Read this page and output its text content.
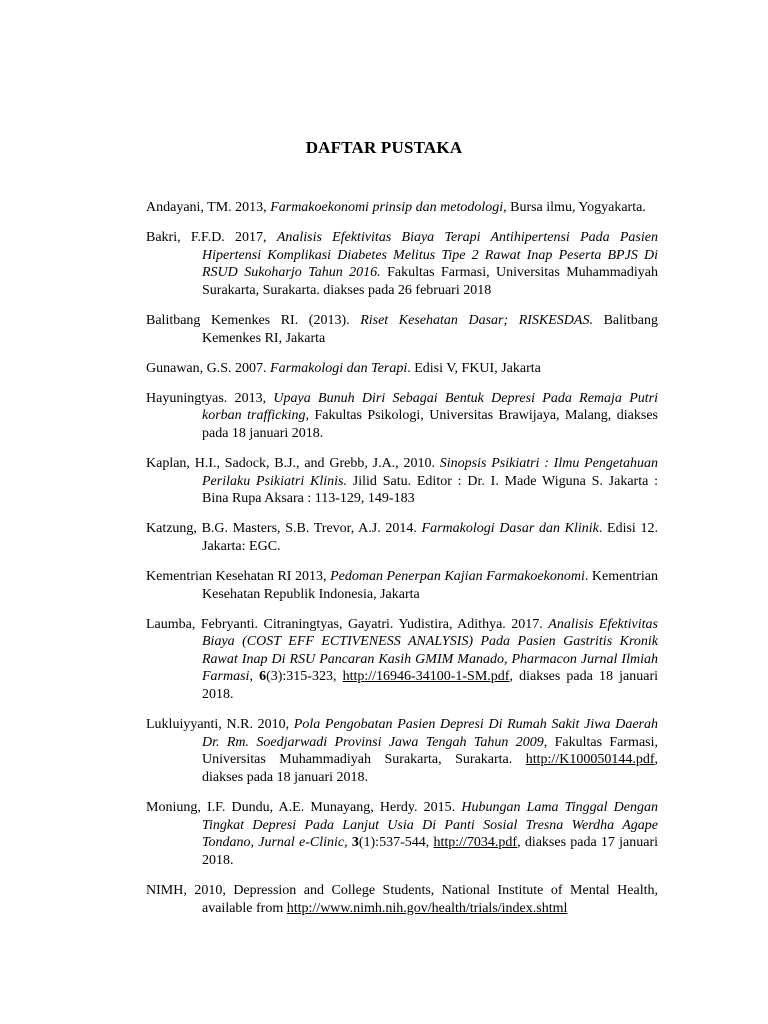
DAFTAR PUSTAKA

Andayani, TM. 2013, Farmakoekonomi prinsip dan metodologi, Bursa ilmu, Yogyakarta.

Bakri, F.F.D. 2017, Analisis Efektivitas Biaya Terapi Antihipertensi Pada Pasien Hipertensi Komplikasi Diabetes Melitus Tipe 2 Rawat Inap Peserta BPJS Di RSUD Sukoharjo Tahun 2016. Fakultas Farmasi, Universitas Muhammadiyah Surakarta, Surakarta. diakses pada 26 februari 2018

Balitbang Kemenkes RI. (2013). Riset Kesehatan Dasar; RISKESDAS. Balitbang Kemenkes RI, Jakarta

Gunawan, G.S. 2007. Farmakologi dan Terapi. Edisi V, FKUI, Jakarta

Hayuningtyas. 2013, Upaya Bunuh Diri Sebagai Bentuk Depresi Pada Remaja Putri korban trafficking, Fakultas Psikologi, Universitas Brawijaya, Malang, diakses pada 18 januari 2018.

Kaplan, H.I., Sadock, B.J., and Grebb, J.A., 2010. Sinopsis Psikiatri : Ilmu Pengetahuan Perilaku Psikiatri Klinis. Jilid Satu. Editor : Dr. I. Made Wiguna S. Jakarta : Bina Rupa Aksara : 113-129, 149-183

Katzung, B.G. Masters, S.B. Trevor, A.J. 2014. Farmakologi Dasar dan Klinik. Edisi 12. Jakarta: EGC.

Kementrian Kesehatan RI 2013, Pedoman Penerpan Kajian Farmakoekonomi. Kementrian Kesehatan Republik Indonesia, Jakarta

Laumba, Febryanti. Citraningtyas, Gayatri. Yudistira, Adithya. 2017. Analisis Efektivitas Biaya (COST EFF ECTIVENESS ANALYSIS) Pada Pasien Gastritis Kronik Rawat Inap Di RSU Pancaran Kasih GMIM Manado, Pharmacon Jurnal Ilmiah Farmasi, 6(3):315-323, http://16946-34100-1-SM.pdf, diakses pada 18 januari 2018.

Lukluiyyanti, N.R. 2010, Pola Pengobatan Pasien Depresi Di Rumah Sakit Jiwa Daerah Dr. Rm. Soedjarwadi Provinsi Jawa Tengah Tahun 2009, Fakultas Farmasi, Universitas Muhammadiyah Surakarta, Surakarta. http://K100050144.pdf, diakses pada 18 januari 2018.

Moniung, I.F. Dundu, A.E. Munayang, Herdy. 2015. Hubungan Lama Tinggal Dengan Tingkat Depresi Pada Lanjut Usia Di Panti Sosial Tresna Werdha Agape Tondano, Jurnal e-Clinic, 3(1):537-544, http://7034.pdf, diakses pada 17 januari 2018.

NIMH, 2010, Depression and College Students, National Institute of Mental Health, available from http://www.nimh.nih.gov/health/trials/index.shtml
